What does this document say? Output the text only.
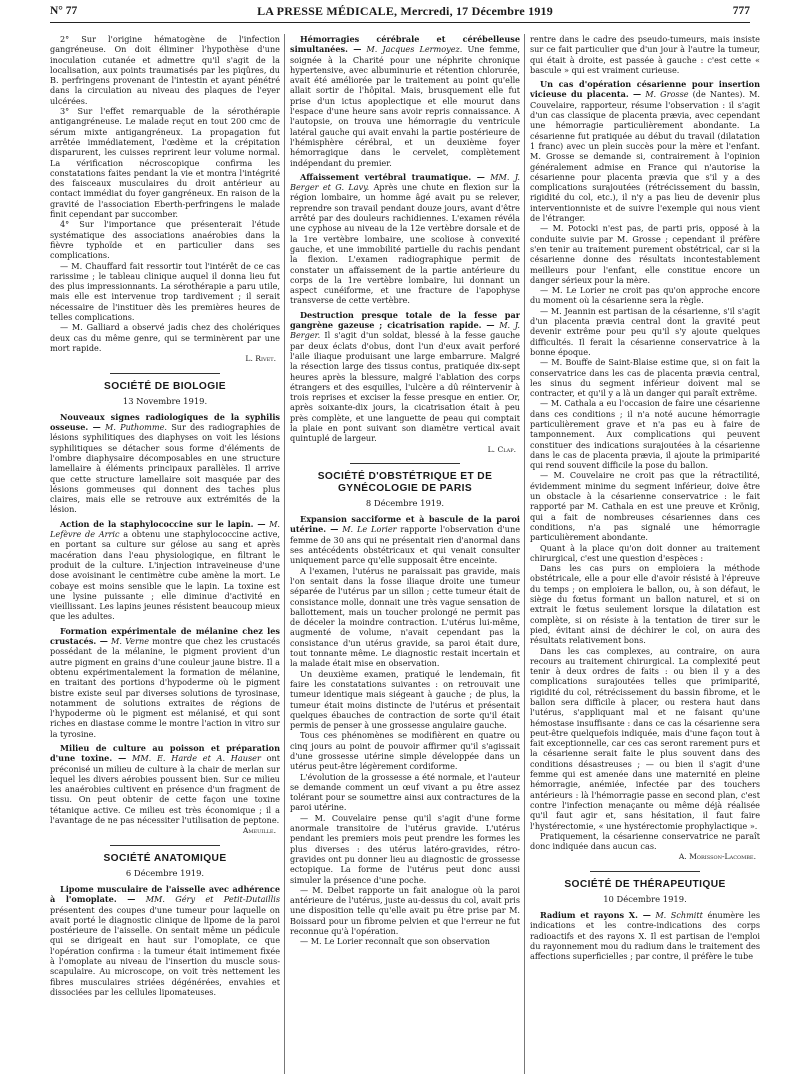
N° 77	LA PRESSE MÉDICALE, Mercredi, 17 Décembre 1919	777

2° Sur l'origine hématogène de l'infection gangréneuse. On doit éliminer l'hypothèse d'une inoculation cutanée et admettre qu'il s'agit de la localisation, aux points traumatisés par les piqûres, du B. perfringens provenant de l'intestin et ayant pénétré dans la circulation au niveau des plaques de l'eyer ulcérées.

3° Sur l'effet remarquable de la sérothérapie antigangréneuse. Le malade reçut en tout 200 cmc de sérum mixte antigangréneux. La propagation fut arrêtée immédiatement, l'œdème et la crépitation disparurent, les cuisses reprirent leur volume normal. La vérification nécroscopique confirma les constatations faites pendant la vie et montra l'intégrité des faisceaux musculaires du droit antérieur au contact immédiat du foyer gangréneux. En raison de la gravité de l'association Eberth-perfringens le malade finit cependant par succomber.

4° Sur l'importance que présenterait l'étude systématique des associations anaérobies dans la fièvre typhoïde et en particulier dans ses complications.

— M. Chauffard fait ressortir tout l'intérêt de ce cas rarissime ; le tableau clinique auquel il donna lieu fut des plus impressionnants. La sérothérapie a paru utile, mais elle est intervenue trop tardivement ; il serait nécessaire de l'instituer dès les premières heures de telles complications.

— M. Galliard a observé jadis chez des cholériques deux cas du même genre, qui se terminèrent par une mort rapide.

L. Rivet.
SOCIÉTÉ DE BIOLOGIE
13 Novembre 1919.

Nouveaux signes radiologiques de la syphilis osseuse. — M. Puthomme. Sur des radiographies de lésions syphilitiques des diaphyses on voit les lésions syphilitiques se détacher sous forme d'éléments de l'ombre diaphysaire décomposables en une structure lamellaire à éléments principaux parallèles. Il arrive que cette structure lamellaire soit masquée par des lésions gommeuses qui donnent des taches plus claires, mais elle se retrouve aux extrémités de la lésion.

Action de la staphylococcine sur le lapin. — M. Lefèvre de Arric a obtenu une staphylococcine active, en portant sa culture sur gélose au sang et après macération dans l'eau physiologique, en filtrant le produit de la culture. L'injection intraveineuse d'une dose avoisinant le centimètre cube amène la mort. Le cobaye est moins sensible que le lapin. La toxine est une lysine puissante ; elle diminue d'activité en vieillissant. Les lapins jeunes résistent beaucoup mieux que les adultes.

Formation expérimentale de mélanine chez les crustacés. — M. Verne montre que chez les crustacés possédant de la mélanine, le pigment provient d'un autre pigment en grains d'une couleur jaune bistre. Il a obtenu expérimentalement la formation de mélanine, en traitant des portions d'hypoderme où le pigment bistre existe seul par diverses solutions de tyrosinase, notamment de solutions extraites de régions de l'hypoderme où le pigment est mélanisé, et qui sont riches en diastase comme le montre l'action in vitro sur la tyrosine.

Milieu de culture au poisson et préparation d'une toxine. — MM. E. Harde et A. Hauser ont préconisé un milieu de culture à la chair de merlan sur lequel les divers aérobies poussent bien. Sur ce milieu les anaérobies cultivent en présence d'un fragment de tissu. On peut obtenir de cette façon une toxine tétanique active. Ce milieu est très économique ; il a l'avantage de ne pas nécessiter l'utilisation de peptone.

Ameuille.
SOCIÉTÉ ANATOMIQUE
6 Décembre 1919.

Lipome musculaire de l'aisselle avec adhérence à l'omoplate. — MM. Géry et Petit-Dutaillis présentent des coupes d'une tumeur pour laquelle on avait porté le diagnostic clinique de lipome de la paroi postérieure de l'aisselle. On sentait même un pédicule qui se dirigeait en haut sur l'omoplate, ce que l'opération confirma : la tumeur était intimement fixée à l'omoplate au niveau de l'insertion du muscle sous-scapulaire. Au microscope, on voit très nettement les fibres musculaires striées dégénérées, envahies et dissociées par les cellules lipomateuses.

Hémorragies cérébrale et cérébelleuse simultanées. — M. Jacques Lermoyez. Une femme, soignée à la Charité pour une néphrite chronique hypertensive, avec albuminurie et rétention chlorurée, avait été améliorée par le traitement au point qu'elle allait sortir de l'hôpital. Mais, brusquement elle fut prise d'un ictus apoplectique et elle mourut dans l'espace d'une heure sans avoir repris connaissance. A l'autopsie, on trouva une hémorragie du ventricule latéral gauche qui avait envahi la partie postérieure de l'hémisphère cérébral, et un deuxième foyer hémorragique dans le cervelet, complètement indépendant du premier.

Affaissement vertébral traumatique. — MM. J. Berger et G. Lavy. Après une chute en flexion sur la région lombaire, un homme âgé avait pu se relever, reprendre son travail pendant douze jours, avant d'être arrêté par des douleurs rachidiennes. L'examen révéla une cyphose au niveau de la 12e vertèbre dorsale et de la 1re vertèbre lombaire, une scoliose à convexité gauche, et une immobilité partielle du rachis pendant la flexion. L'examen radiographique permit de constater un affaissement de la partie antérieure du corps de la 1re vertèbre lombaire, lui donnant un aspect cunéiforme, et une fracture de l'apophyse transverse de cette vertèbre.

Destruction presque totale de la fesse par gangrène gazeuse ; cicatrisation rapide. — M. J. Berger. Il s'agit d'un soldat, blessé à la fesse gauche par deux éclats d'obus, dont l'un d'eux avait perforé l'aile iliaque produisant une large embarrure. Malgré la résection large des tissus contus, pratiquée dix-sept heures après la blessure, malgré l'ablation des corps étrangers et des esquilles, l'ulcère a dû réintervenir à trois reprises et exciser la fesse presque en entier. Or, après soixante-dix jours, la cicatrisation était à peu près complète, et une languette de peau qui comptait la plaie en pont suivant son diamètre vertical avait quintuplé de largeur.

L. Clap.
SOCIÉTÉ D'OBSTÉTRIQUE ET DE GYNÉCOLOGIE DE PARIS
8 Décembre 1919.

Expansion sacciforme et à bascule de la paroi utérine. — M. Le Lorier rapporte l'observation d'une femme de 30 ans qui ne présentait rien d'anormal dans ses antécédents obstétricaux et qui venait consulter uniquement parce qu'elle supposait être enceinte.

A l'examen, l'utérus ne paraissait pas gravide, mais l'on sentait dans la fosse iliaque droite une tumeur séparée de l'utérus par un sillon ; cette tumeur était de consistance molle, donnait une très vague sensation de ballottement, mais un toucher prolongé ne permit pas de déceler la moindre contraction. L'utérus lui-même, augmenté de volume, n'avait cependant pas la consistance d'un utérus gravide, sa paroi était dure, tout tonnante même. Le diagnostic restait incertain et la malade était mise en observation.

Un deuxième examen, pratiqué le lendemain, fit faire les constatations suivantes : on retrouvait une tumeur identique mais siégeant à gauche ; de plus, la tumeur était moins distincte de l'utérus et présentait quelques ébauches de contraction de sorte qu'il était permis de penser à une grossesse angulaire gauche.

Tous ces phénomènes se modifièrent en quatre ou cinq jours au point de pouvoir affirmer qu'il s'agissait d'une grossesse utérine simple développée dans un utérus peut-être légèrement cordiforme.

L'évolution de la grossesse a été normale, et l'auteur se demande comment un œuf vivant a pu être assez tolérant pour se soumettre ainsi aux contractures de la paroi utérine.

— M. Couvelaire pense qu'il s'agit d'une forme anormale transitoire de l'utérus gravide. L'utérus pendant les premiers mois peut prendre les formes les plus diverses : des utérus latéro-gravides, rétro-gravides ont pu donner lieu au diagnostic de grossesse ectopique. La forme de l'utérus peut donc aussi simuler la présence d'une poche.

— M. Delbet rapporte un fait analogue où la paroi antérieure de l'utérus, juste au-dessus du col, avait pris une disposition telle qu'elle avait pu être prise par M. Boissard pour un fibrome pelvien et que l'erreur ne fut reconnue qu'à l'opération.

— M. Le Lorier reconnaît que son observation

rentre dans le cadre des pseudo-tumeurs, mais insiste sur ce fait particulier que d'un jour à l'autre la tumeur, qui était à droite, est passée à gauche : c'est cette « bascule » qui est vraiment curieuse.

Un cas d'opération césarienne pour insertion vicieuse du placenta. — M. Grosse (de Nantes). M. Couvelaire, rapporteur, résume l'observation : il s'agit d'un cas classique de placenta prævia, avec cependant une hémorragie particulièrement abondante. La césarienne fut pratiquée au début du travail (dilatation 1 franc) avec un plein succès pour la mère et l'enfant. M. Grosse se demande si, contrairement à l'opinion généralement admise en France qui n'autorise la césarienne pour placenta prævia que s'il y a des complications surajoutées (rétrécissement du bassin, rigidité du col, etc.), il n'y a pas lieu de devenir plus interventionniste et de suivre l'exemple qui nous vient de l'étranger.

— M. Potocki n'est pas, de parti pris, opposé à la conduite suivie par M. Grosse ; cependant il préfère s'en tenir au traitement purement obstétrical, car si la césarienne donne des résultats incontestablement meilleurs pour l'enfant, elle constitue encore un danger sérieux pour la mère.

— M. Le Lorier ne croit pas qu'on approche encore du moment où la césarienne sera la règle.

— M. Jeannin est partisan de la césarienne, s'il s'agit d'un placenta prævia central dont la gravité peut devenir extrême pour peu qu'il s'y ajoute quelques difficultés. Il ferait la césarienne conservatrice à la bonne époque.

— M. Bouffe de Saint-Blaise estime que, si on fait la conservatrice dans les cas de placenta prævia central, les sinus du segment inférieur doivent mal se contracter, et qu'il y a là un danger qui paraît extrême.

— M. Cathala a eu l'occasion de faire une césarienne dans ces conditions ; il n'a noté aucune hémorragie particulièrement grave et n'a pas eu à faire de tamponnement. Aux complications qui peuvent constituer des indications surajoutées à la césarienne dans le cas de placenta prævia, il ajoute la primiparité qui rend souvent difficile la pose du ballon.

— M. Couvelaire ne croit pas que la rétractilité, évidemment minime du segment inférieur, doive être un obstacle à la césarienne conservatrice : le fait rapporté par M. Cathala en est une preuve et Krönig, qui a fait de nombreuses césariennes dans ces conditions, n'a pas signalé une hémorragie particulièrement abondante.

Quant à la place qu'on doit donner au traitement chirurgical, c'est une question d'espèces :

Dans les cas purs on emploiera la méthode obstétricale, elle a pour elle d'avoir résisté à l'épreuve du temps ; on emploiera le ballon, ou, à son défaut, le siège du fœtus formant un ballon naturel, et si on extrait le fœtus seulement lorsque la dilatation est complète, si on résiste à la tentation de tirer sur le pied, évitant ainsi de déchirer le col, on aura des résultats relativement bons.

Dans les cas complexes, au contraire, on aura recours au traitement chirurgical. La complexité peut tenir à deux ordres de faits : ou bien il y a des complications surajoutées telles que primiparité, rigidité du col, rétrécissement du bassin fibrome, et le ballon sera difficile à placer, ou restera haut dans l'utérus, s'appliquant mal et ne faisant qu'une hémostase insuffisante : dans ce cas la césarienne sera peut-être quelquefois indiquée, mais d'une façon tout à fait exceptionnelle, car ces cas seront rarement purs et la césarienne serait faite le plus souvent dans des conditions désastreuses ; — ou bien il s'agit d'une femme qui est amenée dans une maternité en pleine hémorragie, anémiée, infectée par des touchers antérieurs : là l'hémorragie passe en second plan, c'est contre l'infection menaçante ou même déjà réalisée qu'il faut agir et, sans hésitation, il faut faire l'hystérectomie, « une hystérectomie prophylactique ».

Pratiquement, la césarienne conservatrice ne paraît donc indiquée dans aucun cas.

A. Morisson-Lacombe.
SOCIÉTÉ DE THÉRAPEUTIQUE
10 Décembre 1919.

Radium et rayons X. — M. Schmitt énumère les indications et les contre-indications des corps radioactifs et des rayons X. Il est partisan de l'emploi du rayonnement mou du radium dans le traitement des affections superficielles ; par contre, il préfère le tube
